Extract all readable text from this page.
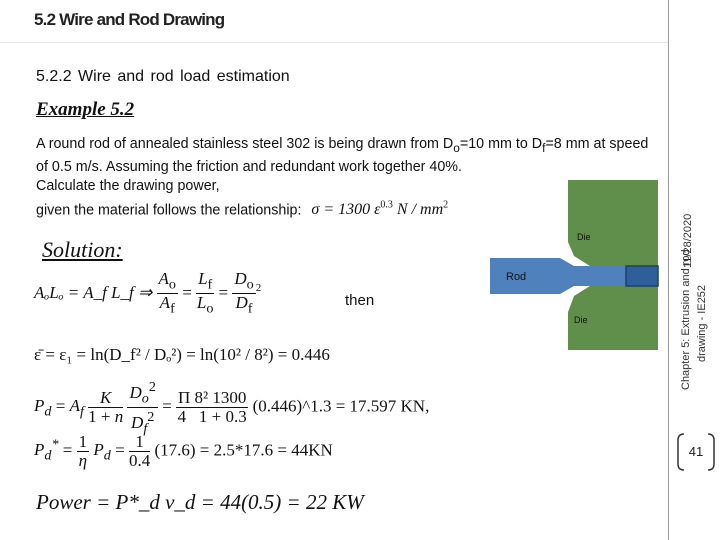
5.2 Wire and Rod Drawing
5.2.2 Wire and rod load estimation
Example 5.2
A round rod of annealed stainless steel 302 is being drawn from $D_o=10$ mm to $D_f=8$ mm at speed of 0.5 m/s. Assuming the friction and redundant work together 40%.
Calculate the drawing power,
given the material follows the relationship: σ = 1300 $\varepsilon^{0.3}$ N / $mm^2$
Die
Rod
Die
Solution:
AₒLₒ = A_f L_f ⇒ $\frac{A_o}{A_f} = \frac{L_f}{L_o} = \frac{D_o}{D_f} ^2$
then
ε̄ = ε₁ = ln(D_f² / Dₒ²) = ln(10² / 8²) = 0.446
$P_d = A_f \frac{K}{1 + n}$
$\frac{D_o^2}{D_f^2} = \frac{\text{Π 8² 1300}}{4 1 + 0.3}$ (0.446)^1.3 = 17.597 KN,
$P_d^* = \frac{1}{\eta} P_d = \frac{1}{0.4} (17.6) = 2.5*17.6 = 44KN$
Power = P*_d v_d = 44(0.5) = 22 KW
11/28/2020
Chapter 5: Extrusion and rod drawing - IE252
41
